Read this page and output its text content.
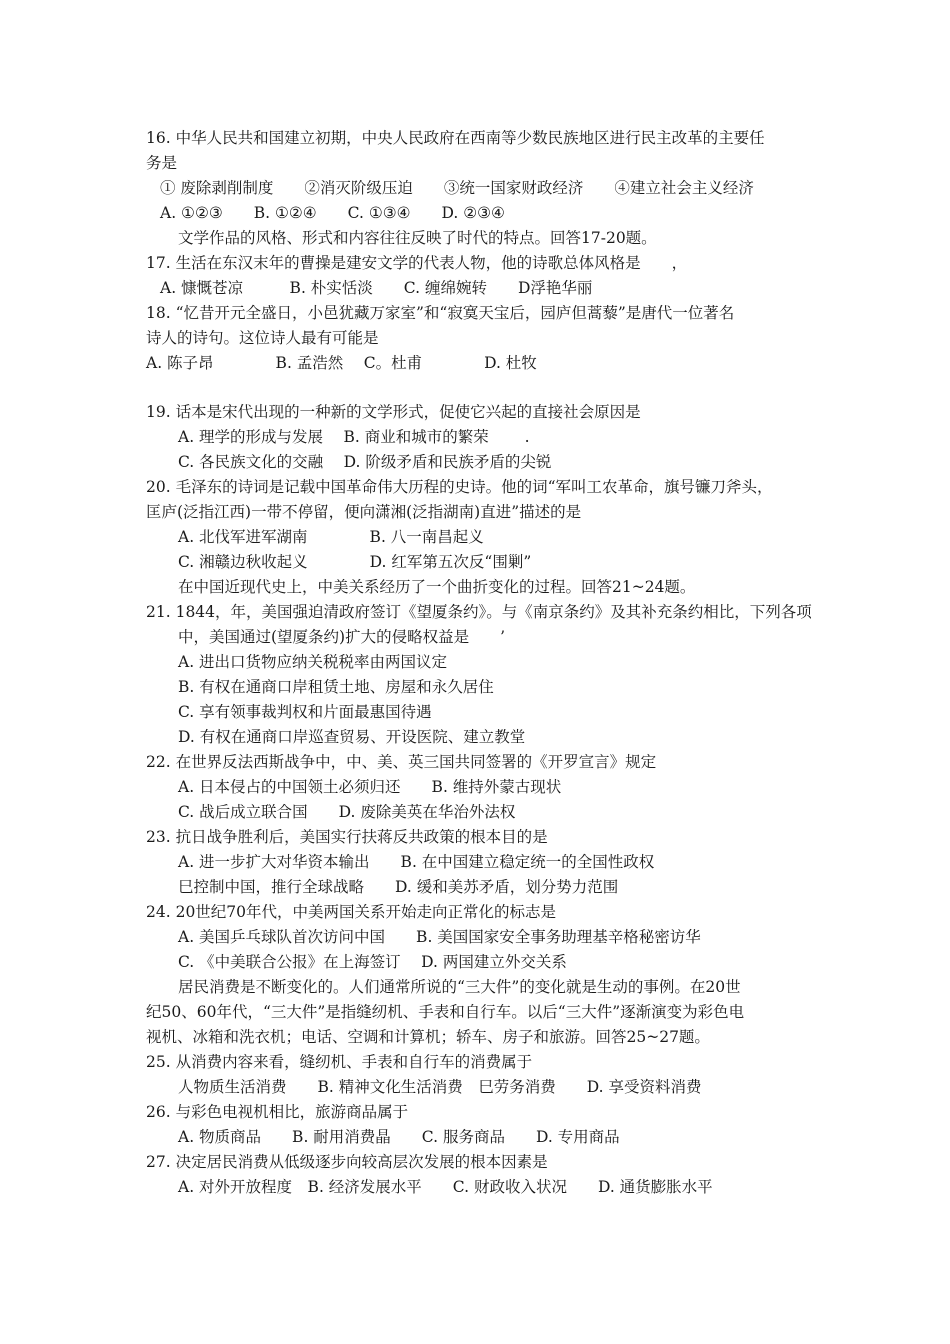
16. 中华人民共和国建立初期，中央人民政府在西南等少数民族地区进行民主改革的主要任
务是
① 废除剥削制度　　②消灭阶级压迫　　③统一国家财政经济　　④建立社会主义经济
A. ①②③　　B. ①②④　　C. ①③④　　D. ②③④
文学作品的风格、形式和内容往往反映了时代的特点。回答17-20题。
17. 生活在东汉末年的曹操是建安文学的代表人物，他的诗歌总体风格是　　，
A. 慷慨苍凉　　　B. 朴实恬淡　　C. 缠绵婉转　　D浮艳华丽
18. “忆昔开元全盛日，小邑犹藏万家室”和“寂寞天宝后，园庐但蒿藜”是唐代一位著名
诗人的诗句。这位诗人最有可能是
A. 陈子昂　　　　B. 孟浩然　 C。杜甫　　　　D. 杜牧
19. 话本是宋代出现的一种新的文学形式，促使它兴起的直接社会原因是
A. 理学的形成与发展　 B. 商业和城市的繁荣　　 .
C. 各民族文化的交融　 D. 阶级矛盾和民族矛盾的尖锐
20. 毛泽东的诗词是记载中国革命伟大历程的史诗。他的词“军叫工农革命，旗号镰刀斧头，
匡庐(泛指江西)一带不停留，便向潇湘(泛指湖南)直进”描述的是
A. 北伐军进军湖南　　　　B. 八一南昌起义
C. 湘赣边秋收起义　　　　D. 红军第五次反“围剿”
在中国近现代史上，中美关系经历了一个曲折变化的过程。回答21~24题。
21. 1844，年，美国强迫清政府签订《望厦条约》。与《南京条约》及其补充条约相比，下列各项
中，美国通过(望厦条约)扩大的侵略权益是　　’
A. 进出口货物应纳关税税率由两国议定
B. 有权在通商口岸租赁土地、房屋和永久居住
C. 享有领事裁判权和片面最惠国待遇
D. 有权在通商口岸巡查贸易、开设医院、建立教堂
22. 在世界反法西斯战争中，中、美、英三国共同签署的《开罗宣言》规定
A. 日本侵占的中国领土必须归还　　B. 维持外蒙古现状
C. 战后成立联合国　　D. 废除美英在华治外法权
23. 抗日战争胜利后，美国实行扶蒋反共政策的根本目的是
A. 进一步扩大对华资本输出　　B. 在中国建立稳定统一的全国性政权
巳控制中国，推行全球战略　　D. 缓和美苏矛盾，划分势力范围
24. 20世纪70年代，中美两国关系开始走向正常化的标志是
A. 美国乒乓球队首次访问中国　　B. 美国国家安全事务助理基辛格秘密访华
C. 《中美联合公报》在上海签订　 D. 两国建立外交关系
居民消费是不断变化的。人们通常所说的“三大件”的变化就是生动的事例。在20世
纪50、60年代，“三大件”是指缝纫机、手表和自行车。以后“三大件”逐渐演变为彩色电
视机、冰箱和洗衣机；电话、空调和计算机；轿车、房子和旅游。回答25~27题。
25. 从消费内容来看，缝纫机、手表和自行车的消费属于
人物质生活消费　　B. 精神文化生活消费　巳劳务消费　　D. 享受资料消费
26. 与彩色电视机相比，旅游商品属于
A. 物质商品　　B. 耐用消费晶　　C. 服务商品　　D. 专用商品
27. 决定居民消费从低级逐步向较高层次发展的根本因素是
A. 对外开放程度　B. 经济发展水平　　C. 财政收入状况　　D. 通货膨胀水平
